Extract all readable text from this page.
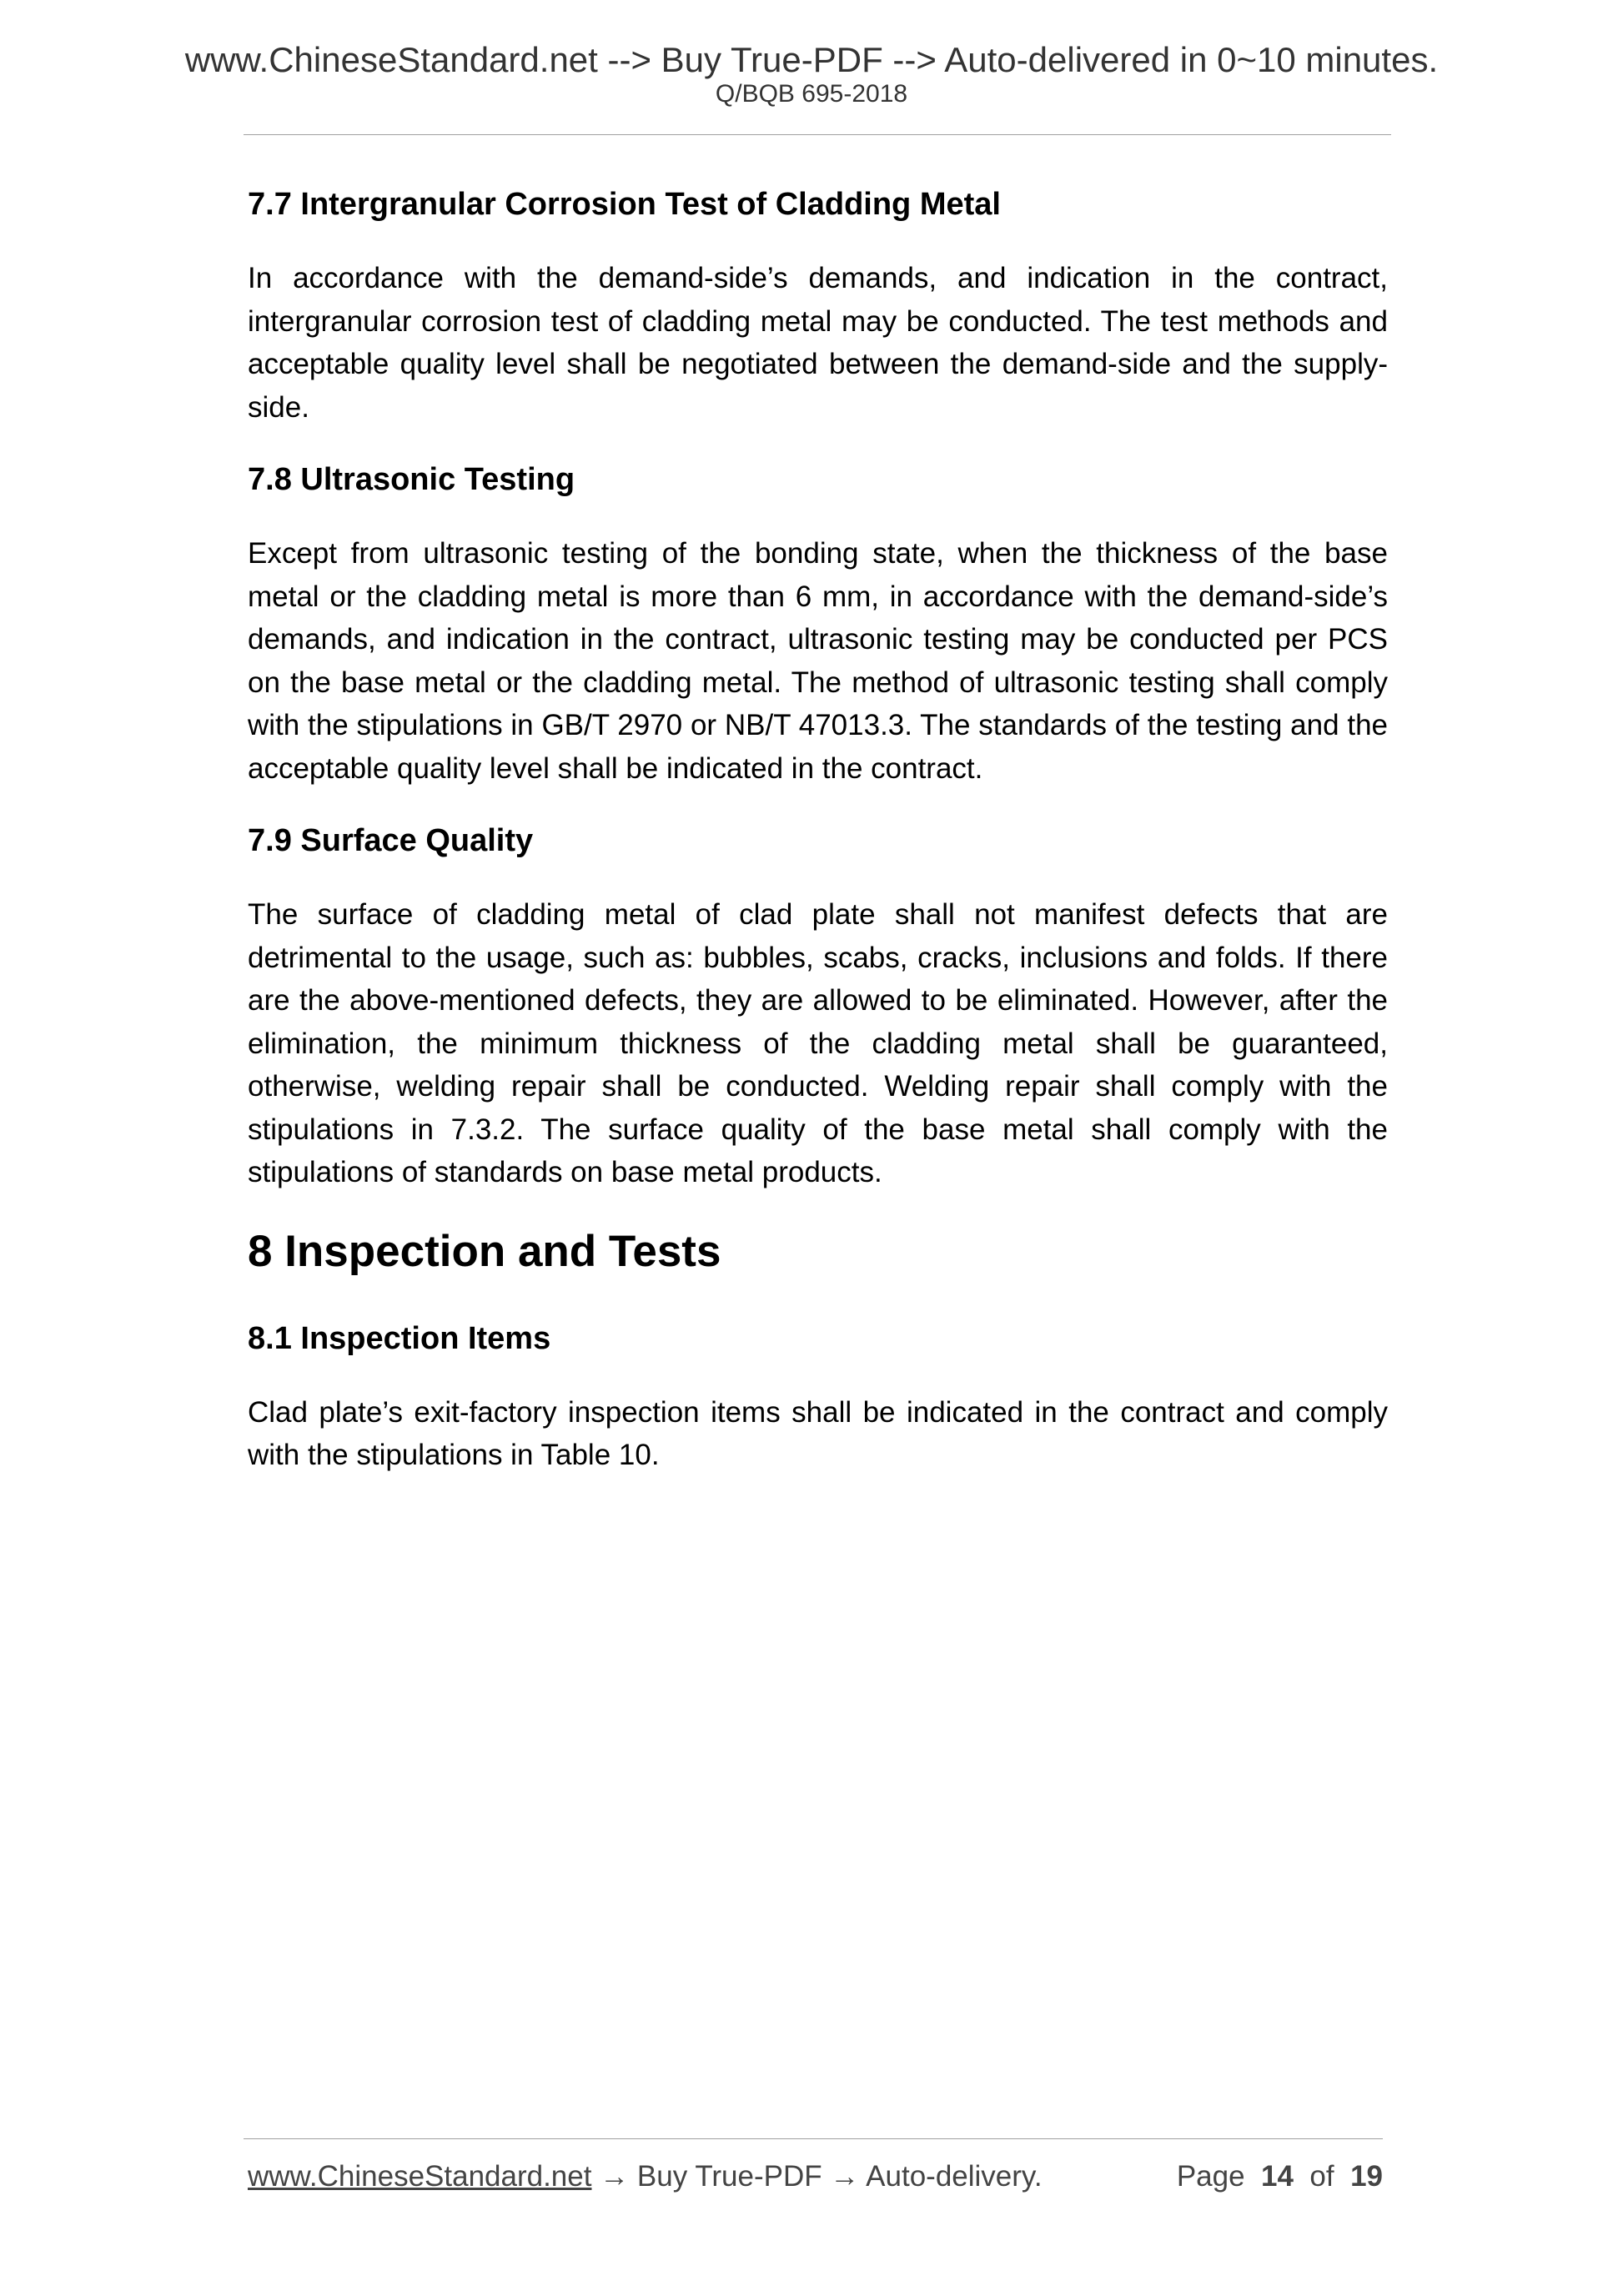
www.ChineseStandard.net --> Buy True-PDF --> Auto-delivered in 0~10 minutes.
Q/BQB 695-2018
7.7 Intergranular Corrosion Test of Cladding Metal

In accordance with the demand-side’s demands, and indication in the contract, intergranular corrosion test of cladding metal may be conducted. The test methods and acceptable quality level shall be negotiated between the demand-side and the supply-side.

7.8 Ultrasonic Testing

Except from ultrasonic testing of the bonding state, when the thickness of the base metal or the cladding metal is more than 6 mm, in accordance with the demand-side’s demands, and indication in the contract, ultrasonic testing may be conducted per PCS on the base metal or the cladding metal. The method of ultrasonic testing shall comply with the stipulations in GB/T 2970 or NB/T 47013.3. The standards of the testing and the acceptable quality level shall be indicated in the contract.

7.9 Surface Quality

The surface of cladding metal of clad plate shall not manifest defects that are detrimental to the usage, such as: bubbles, scabs, cracks, inclusions and folds. If there are the above-mentioned defects, they are allowed to be eliminated. However, after the elimination, the minimum thickness of the cladding metal shall be guaranteed, otherwise, welding repair shall be conducted. Welding repair shall comply with the stipulations in 7.3.2. The surface quality of the base metal shall comply with the stipulations of standards on base metal products.

8 Inspection and Tests
8.1 Inspection Items

Clad plate’s exit-factory inspection items shall be indicated in the contract and comply with the stipulations in Table 10.

www.ChineseStandard.net → Buy True-PDF → Auto-delivery.	Page 14 of 19
